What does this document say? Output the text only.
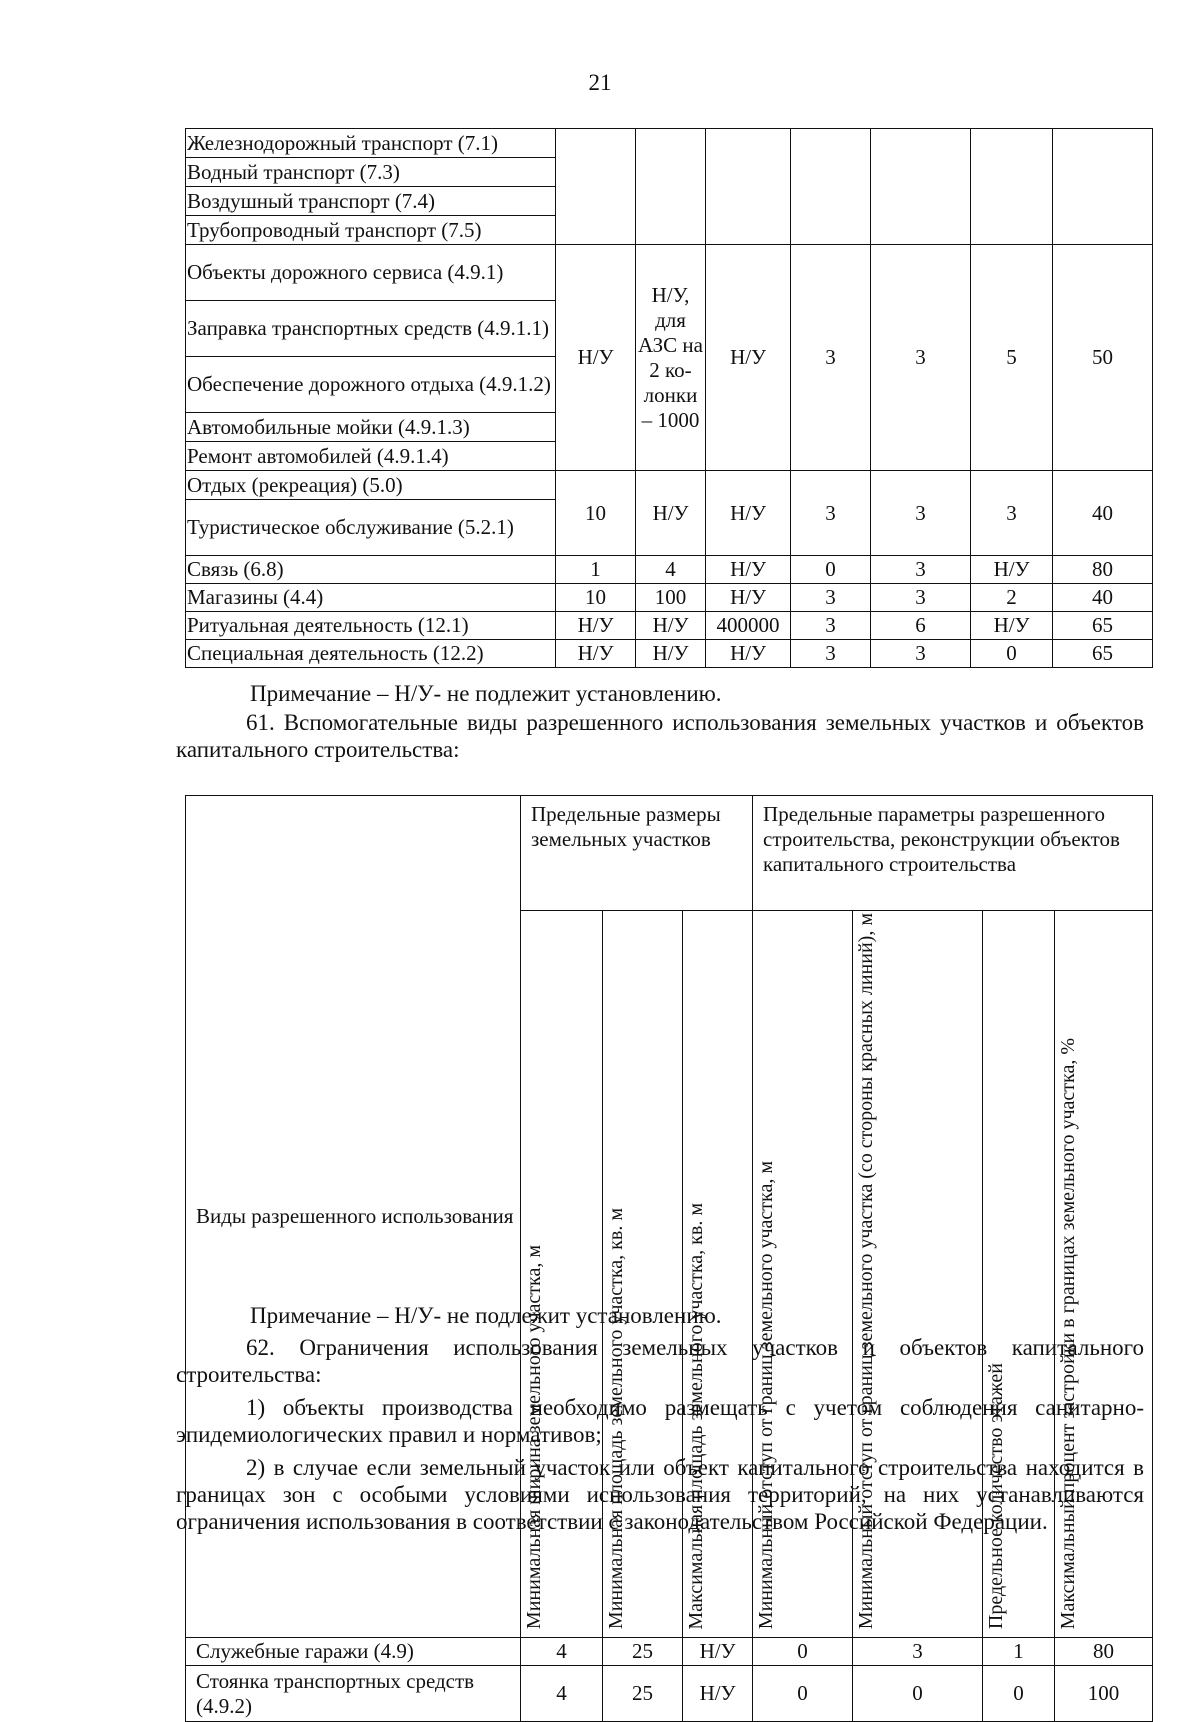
21
Железнодорожный транспорт (7.1)							
Водный транспорт (7.3)							
Воздушный транспорт (7.4)							
Трубопроводный транспорт (7.5)							
Объекты дорожного сервиса (4.9.1)	Н/У	Н/У, для АЗС на 2 ко-лонки – 1000	Н/У	3	3	5	50
Заправка транспортных средств (4.9.1.1)							
Обеспечение дорожного отдыха (4.9.1.2)							
Автомобильные мойки (4.9.1.3)							
Ремонт автомобилей (4.9.1.4)							
Отдых (рекреация) (5.0)	10	Н/У	Н/У	3	3	3	40
Туристическое обслуживание (5.2.1)							
Связь (6.8)	1	4	Н/У	0	3	Н/У	80
Магазины (4.4)	10	100	Н/У	3	3	2	40
Ритуальная деятельность (12.1)	Н/У	Н/У	400000	3	6	Н/У	65
Специальная деятельность (12.2)	Н/У	Н/У	Н/У	3	3	0	65
Примечание – Н/У- не подлежит установлению.
61. Вспомогательные виды разрешенного использования земельных участков и объектов капитального строительства:
Виды разрешенного использования	Предельные размеры земельных участков			Предельные параметры разрешенного строительства, реконструкции объектов капитального строительства			
	Минимальная ширина земельного участка, м	Минимальная площадь земельного участка, кв. м	Максимальная площадь земельного участка, кв. м	Минимальный отступ от границ земельного участка, м	Минимальный отступ от границ земельного участка (со стороны красных линий), м	Предельное количество этажей	Максимальный процент застройки в границах земельного участка, %
Служебные гаражи (4.9)	4	25	Н/У	0	3	1	80
Стоянка транспортных средств (4.9.2)	4	25	Н/У	0	0	0	100
Примечание – Н/У- не подлежит установлению.
62. Ограничения использования земельных участков и объектов капитального строительства:
1) объекты производства необходимо размещать с учетом соблюдения санитарно-эпидемиологических правил и нормативов;
2) в случае если земельный участок или объект капитального строительства находится в границах зон с особыми условиями использования территорий, на них устанавливаются ограничения использования в соответствии с законодательством Российской Федерации.
